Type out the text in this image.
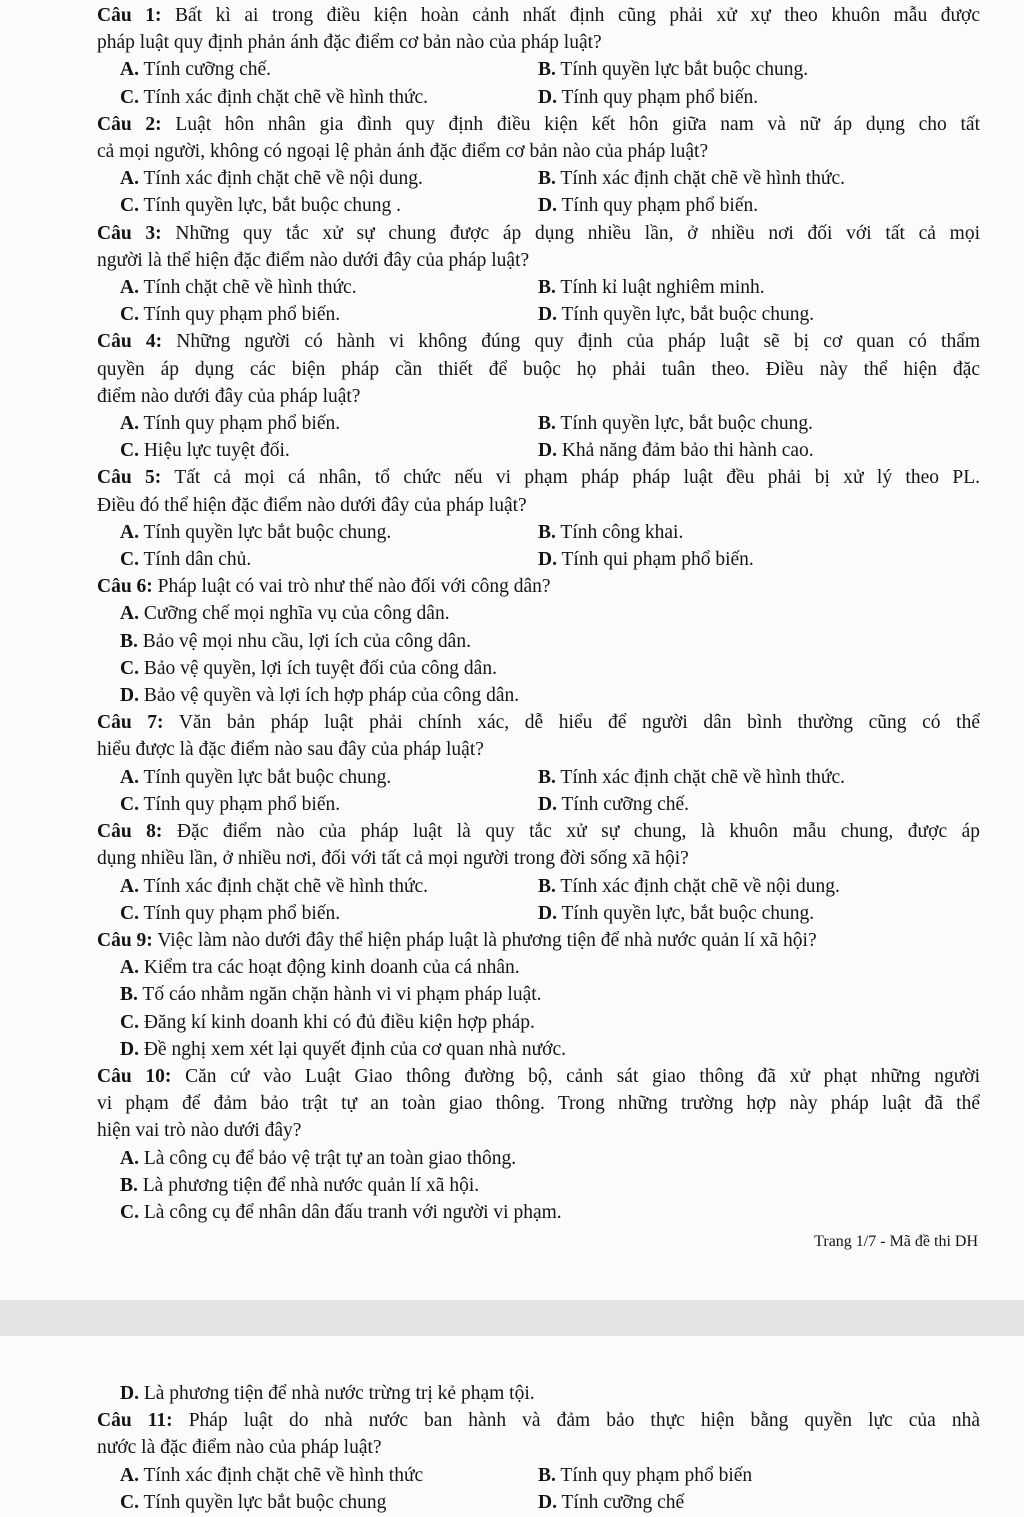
Câu 1: Bất kì ai trong điều kiện hoàn cảnh nhất định cũng phải xử xự theo khuôn mẫu được
pháp luật quy định phản ánh đặc điểm cơ bản nào của pháp luật?
A. Tính cưỡng chế.	B. Tính quyền lực bắt buộc chung.
C. Tính xác định chặt chẽ về hình thức.	D. Tính quy phạm phổ biến.
Câu 2: Luật hôn nhân gia đình quy định điều kiện kết hôn giữa nam và nữ áp dụng cho tất
cả mọi người, không có ngoại lệ phản ánh đặc điểm cơ bản nào của pháp luật?
A. Tính xác định chặt chẽ về nội dung.	B. Tính xác định chặt chẽ về hình thức.
C. Tính quyền lực, bắt buộc chung .	D. Tính quy phạm phổ biến.
Câu 3: Những quy tắc xử sự chung được áp dụng nhiều lần, ở nhiều nơi đối với tất cả mọi
người là thể hiện đặc điểm nào dưới đây của pháp luật?
A. Tính chặt chẽ về hình thức.	B. Tính kỉ luật nghiêm minh.
C. Tính quy phạm phổ biến.	D. Tính quyền lực, bắt buộc chung.
Câu 4: Những người có hành vi không đúng quy định của pháp luật sẽ bị cơ quan có thẩm
quyền áp dụng các biện pháp cần thiết để buộc họ phải tuân theo. Điều này thể hiện đặc
điểm nào dưới đây của pháp luật?
A. Tính quy phạm phổ biến.	B. Tính quyền lực, bắt buộc chung.
C. Hiệu lực tuyệt đối.	D. Khả năng đảm bảo thi hành cao.
Câu 5: Tất cả mọi cá nhân, tổ chức nếu vi phạm pháp pháp luật đều phải bị xử lý theo PL.
Điều đó thể hiện đặc điểm nào dưới đây của pháp luật?
A. Tính quyền lực bắt buộc chung.	B. Tính công khai.
C. Tính dân chủ.	D. Tính qui phạm phổ biến.
Câu 6: Pháp luật có vai trò như thế nào đối với công dân?
A. Cưỡng chế mọi nghĩa vụ của công dân.
B. Bảo vệ mọi nhu cầu, lợi ích của công dân.
C. Bảo vệ quyền, lợi ích tuyệt đối của công dân.
D. Bảo vệ quyền và lợi ích hợp pháp của công dân.
Câu 7: Văn bản pháp luật phải chính xác, dễ hiểu để người dân bình thường cũng có thể
hiểu được là đặc điểm nào sau đây của pháp luật?
A. Tính quyền lực bắt buộc chung.	B. Tính xác định chặt chẽ về hình thức.
C. Tính quy phạm phổ biến.	D. Tính cưỡng chế.
Câu 8: Đặc điểm nào của pháp luật là quy tắc xử sự chung, là khuôn mẫu chung, được áp
dụng nhiều lần, ở nhiều nơi, đối với tất cả mọi người trong đời sống xã hội?
A. Tính xác định chặt chẽ về hình thức.	B. Tính xác định chặt chẽ về nội dung.
C. Tính quy phạm phổ biến.	D. Tính quyền lực, bắt buộc chung.
Câu 9: Việc làm nào dưới đây thể hiện pháp luật là phương tiện để nhà nước quản lí xã hội?
A. Kiểm tra các hoạt động kinh doanh của cá nhân.
B. Tố cáo nhằm ngăn chặn hành vi vi phạm pháp luật.
C. Đăng kí kinh doanh khi có đủ điều kiện hợp pháp.
D. Đề nghị xem xét lại quyết định của cơ quan nhà nước.
Câu 10: Căn cứ vào Luật Giao thông đường bộ, cảnh sát giao thông đã xử phạt những người
vi phạm để đảm bảo trật tự an toàn giao thông. Trong những trường hợp này pháp luật đã thể
hiện vai trò nào dưới đây?
A. Là công cụ để bảo vệ trật tự an toàn giao thông.
B. Là phương tiện để nhà nước quản lí xã hội.
C. Là công cụ để nhân dân đấu tranh với người vi phạm.
Trang 1/7 - Mã đề thi DH
D. Là phương tiện để nhà nước trừng trị kẻ phạm tội.
Câu 11: Pháp luật do nhà nước ban hành và đảm bảo thực hiện bằng quyền lực của nhà
nước là đặc điểm nào của pháp luật?
A. Tính xác định chặt chẽ về hình thức	B. Tính quy phạm phổ biến
C. Tính quyền lực bắt buộc chung	D. Tính cưỡng chế
